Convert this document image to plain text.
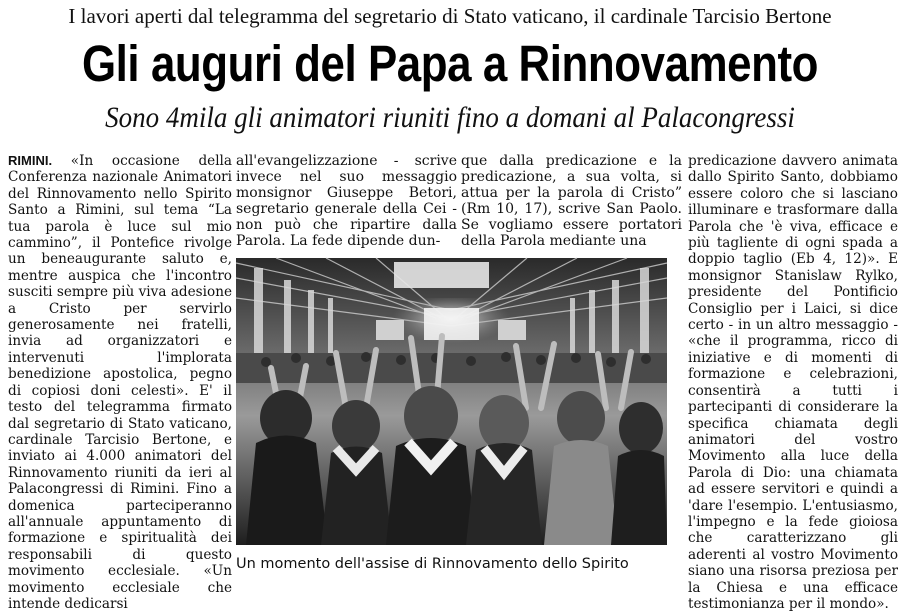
I lavori aperti dal telegramma del segretario di Stato vaticano, il cardinale Tarcisio Bertone
Gli auguri del Papa a Rinnovamento
Sono 4mila gli animatori riuniti fino a domani al Palacongressi
RIMINI. «In occasione della Conferenza nazionale Animatori del Rinnovamento nello Spirito Santo a Rimini, sul tema “La tua parola è luce sul mio cammino”, il Pontefice rivolge un beneaugurante saluto e, mentre auspica che l'incontro susciti sempre più viva adesione a Cristo per servirlo generosamente nei fratelli, invia ad organizzatori e intervenuti l'implorata benedizione apostolica, pegno di copiosi doni celesti». E' il testo del telegramma firmato dal segretario di Stato vaticano, cardinale Tarcisio Bertone, e inviato ai 4.000 animatori del Rinnovamento riuniti da ieri al Palacongressi di Rimini. Fino a domenica parteciperanno all'annuale appuntamento di formazione e spiritualità dei responsabili di questo movimento ecclesiale. «Un movimento ecclesiale che intende dedicarsi
all'evangelizzazione - scrive invece nel suo messaggio monsignor Giuseppe Betori, segretario generale della Cei - non può che ripartire dalla Parola. La fede dipende dun-
que dalla predicazione e la predicazione, a sua volta, si attua per la parola di Cristo” (Rm 10, 17), scrive San Paolo. Se vogliamo essere portatori della Parola mediante una
predicazione davvero animata dallo Spirito Santo, dobbiamo essere coloro che si lasciano illuminare e trasformare dalla Parola che 'è viva, efficace e più tagliente di ogni spada a doppio taglio (Eb 4, 12)». E monsignor Stanislaw Rylko, presidente del Pontificio Consiglio per i Laici, si dice certo - in un altro messaggio - «che il programma, ricco di iniziative e di momenti di formazione e celebrazioni, consentirà a tutti i partecipanti di considerare la specifica chiamata degli animatori del vostro Movimento alla luce della Parola di Dio: una chiamata ad essere servitori e quindi a 'dare l'esempio. L'entusiasmo, l'impegno e la fede gioiosa che caratterizzano gli aderenti al vostro Movimento siano una risorsa preziosa per la Chiesa e una efficace testimonianza per il mondo».
Un momento dell'assise di Rinnovamento dello Spirito
